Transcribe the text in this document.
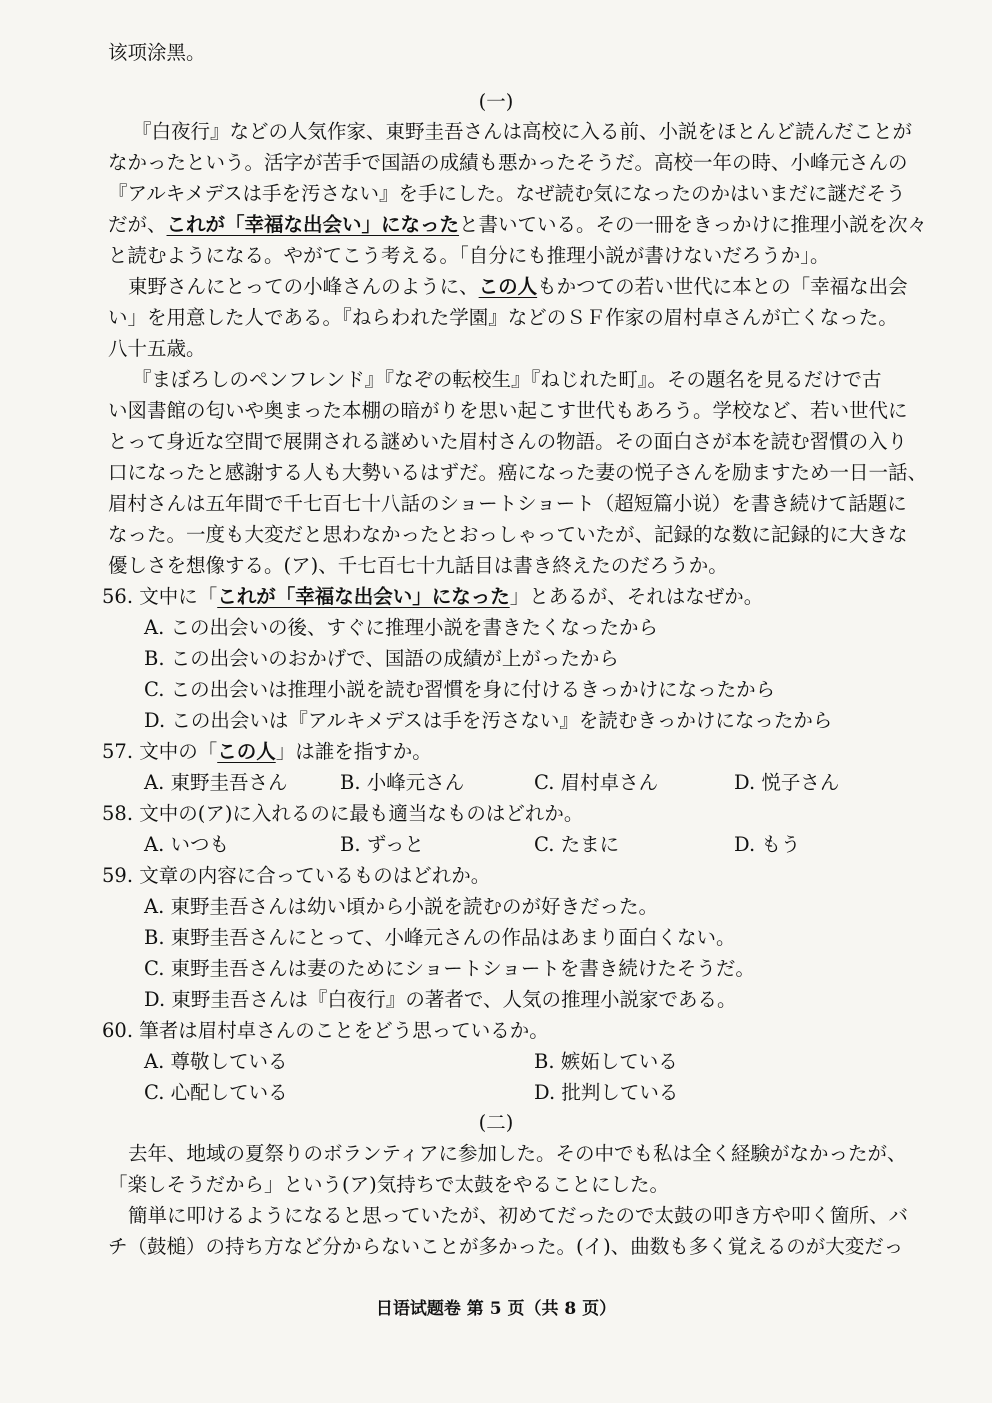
该项涂黑。
(一)
『白夜行』などの人気作家、東野圭吾さんは高校に入る前、小説をほとんど読んだことが
なかったという。活字が苦手で国語の成績も悪かったそうだ。高校一年の時、小峰元さんの
『アルキメデスは手を汚さない』を手にした。なぜ読む気になったのかはいまだに謎だそう
だが、これが「幸福な出会い」になったと書いている。その一冊をきっかけに推理小説を次々
と読むようになる。やがてこう考える。「自分にも推理小説が書けないだろうか」。
東野さんにとっての小峰さんのように、この人もかつての若い世代に本との「幸福な出会
い」を用意した人である。『ねらわれた学園』などのＳＦ作家の眉村卓さんが亡くなった。
八十五歳。
『まぼろしのペンフレンド』『なぞの転校生』『ねじれた町』。その題名を見るだけで古
い図書館の匂いや奥まった本棚の暗がりを思い起こす世代もあろう。学校など、若い世代に
とって身近な空間で展開される謎めいた眉村さんの物語。その面白さが本を読む習慣の入り
口になったと感謝する人も大勢いるはずだ。癌になった妻の悦子さんを励ますため一日一話、
眉村さんは五年間で千七百七十八話のショートショート（超短篇小说）を書き続けて話題に
なった。一度も大変だと思わなかったとおっしゃっていたが、記録的な数に記録的に大きな
優しさを想像する。(ア)、千七百七十九話目は書き終えたのだろうか。
56. 文中に「これが「幸福な出会い」になった」とあるが、それはなぜか。
A. この出会いの後、すぐに推理小説を書きたくなったから
B. この出会いのおかげで、国語の成績が上がったから
C. この出会いは推理小説を読む習慣を身に付けるきっかけになったから
D. この出会いは『アルキメデスは手を汚さない』を読むきっかけになったから
57. 文中の「この人」は誰を指すか。
A. 東野圭吾さん	B. 小峰元さん	C. 眉村卓さん	D. 悦子さん
58. 文中の(ア)に入れるのに最も適当なものはどれか。
A. いつも	B. ずっと	C. たまに	D. もう
59. 文章の内容に合っているものはどれか。
A. 東野圭吾さんは幼い頃から小説を読むのが好きだった。
B. 東野圭吾さんにとって、小峰元さんの作品はあまり面白くない。
C. 東野圭吾さんは妻のためにショートショートを書き続けたそうだ。
D. 東野圭吾さんは『白夜行』の著者で、人気の推理小説家である。
60. 筆者は眉村卓さんのことをどう思っているか。
A. 尊敬している	B. 嫉妬している
C. 心配している	D. 批判している
(二)
去年、地域の夏祭りのボランティアに参加した。その中でも私は全く経験がなかったが、
「楽しそうだから」という(ア)気持ちで太鼓をやることにした。
簡単に叩けるようになると思っていたが、初めてだったので太鼓の叩き方や叩く箇所、バ
チ（鼓槌）の持ち方など分からないことが多かった。(イ)、曲数も多く覚えるのが大変だっ
日语试题卷 第 5 页（共 8 页）
